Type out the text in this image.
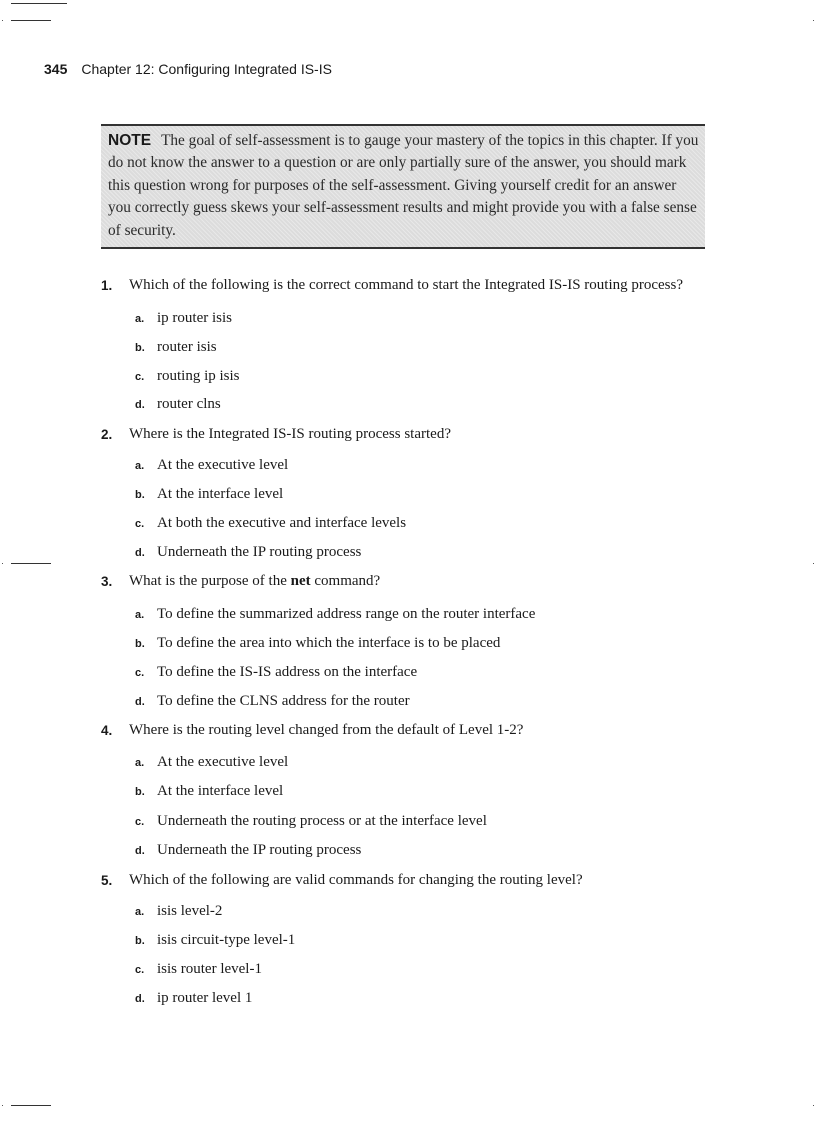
345 Chapter 12: Configuring Integrated IS-IS
NOTE The goal of self-assessment is to gauge your mastery of the topics in this chapter. If you do not know the answer to a question or are only partially sure of the answer, you should mark this question wrong for purposes of the self-assessment. Giving yourself credit for an answer you correctly guess skews your self-assessment results and might provide you with a false sense of security.
1. Which of the following is the correct command to start the Integrated IS-IS routing process?
a. ip router isis
b. router isis
c. routing ip isis
d. router clns
2. Where is the Integrated IS-IS routing process started?
a. At the executive level
b. At the interface level
c. At both the executive and interface levels
d. Underneath the IP routing process
3. What is the purpose of the net command?
a. To define the summarized address range on the router interface
b. To define the area into which the interface is to be placed
c. To define the IS-IS address on the interface
d. To define the CLNS address for the router
4. Where is the routing level changed from the default of Level 1-2?
a. At the executive level
b. At the interface level
c. Underneath the routing process or at the interface level
d. Underneath the IP routing process
5. Which of the following are valid commands for changing the routing level?
a. isis level-2
b. isis circuit-type level-1
c. isis router level-1
d. ip router level 1
